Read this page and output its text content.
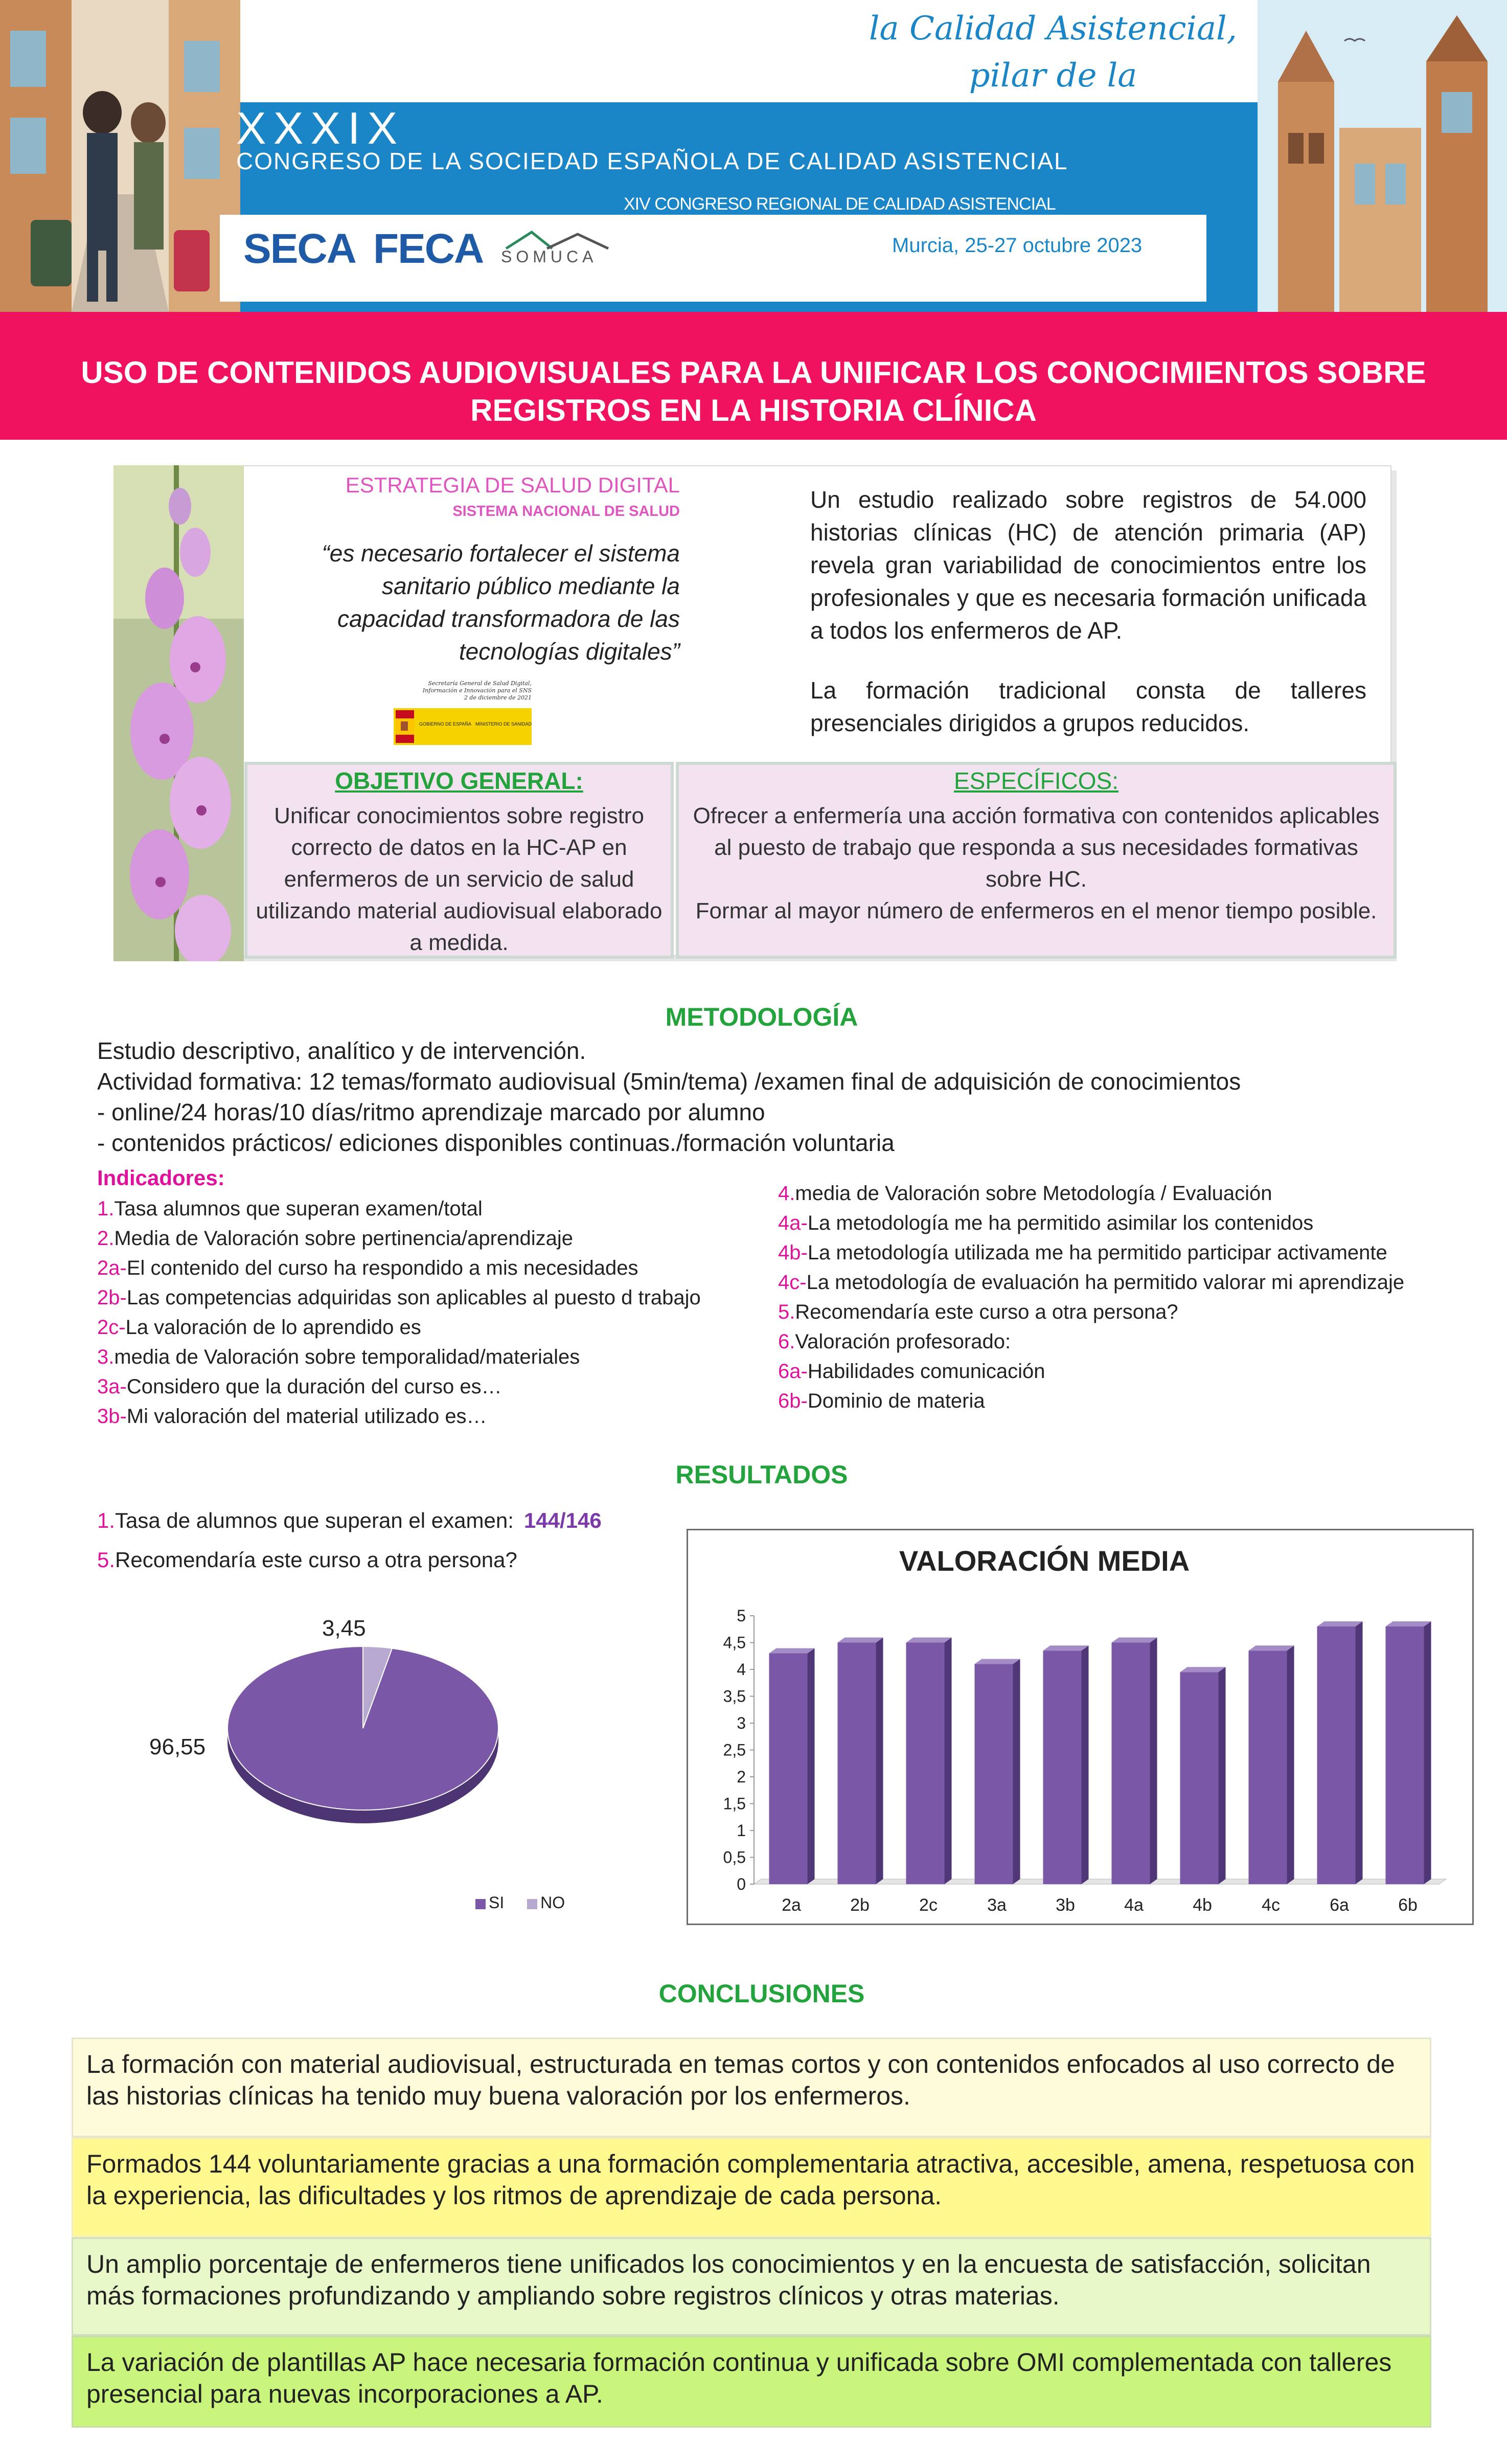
la Calidad Asistencial,
pilar de la sostenibilidad
XXXIX
CONGRESO DE LA SOCIEDAD ESPAÑOLA DE CALIDAD ASISTENCIAL
XIV CONGRESO REGIONAL DE CALIDAD ASISTENCIAL
Murcia, 25-27 octubre 2023
SECA FECA SOMUCA
USO DE CONTENIDOS AUDIOVISUALES PARA LA UNIFICAR LOS CONOCIMIENTOS SOBRE
REGISTROS EN LA HISTORIA CLÍNICA
ESTRATEGIA DE SALUD DIGITAL
SISTEMA NACIONAL DE SALUD
“es necesario fortalecer el sistema sanitario público mediante la capacidad transformadora de las tecnologías digitales”
Secretaría General de Salud Digital,
Información e Innovación para el SNS
2 de diciembre de 2021
GOBIERNO DE ESPAÑA MINISTERIO DE SANIDAD
Un estudio realizado sobre registros de 54.000 historias clínicas (HC) de atención primaria (AP) revela gran variabilidad de conocimientos entre los profesionales y que es necesaria formación unificada a todos los enfermeros de AP.
La formación tradicional consta de talleres presenciales dirigidos a grupos reducidos.
OBJETIVO GENERAL:
Unificar conocimientos sobre registro correcto de datos en la HC-AP en enfermeros de un servicio de salud utilizando material audiovisual elaborado a medida.
ESPECÍFICOS:
Ofrecer a enfermería una acción formativa con contenidos aplicables al puesto de trabajo que responda a sus necesidades formativas sobre HC.
Formar al mayor número de enfermeros en el menor tiempo posible.
METODOLOGÍA
Estudio descriptivo, analítico y de intervención.
Actividad formativa: 12 temas/formato audiovisual (5min/tema) /examen final de adquisición de conocimientos
- online/24 horas/10 días/ritmo aprendizaje marcado por alumno
- contenidos prácticos/ ediciones disponibles continuas./formación voluntaria
Indicadores:
1.Tasa alumnos que superan examen/total
2.Media de Valoración sobre pertinencia/aprendizaje
2a-El contenido del curso ha respondido a mis necesidades
2b-Las competencias adquiridas son aplicables al puesto d trabajo
2c-La valoración de lo aprendido es
3.media de Valoración sobre temporalidad/materiales
3a-Considero que la duración del curso es…
3b-Mi valoración del material utilizado es…
4.media de Valoración sobre Metodología / Evaluación
4a-La metodología me ha permitido asimilar los contenidos
4b-La metodología utilizada me ha permitido participar activamente
4c-La metodología de evaluación ha permitido valorar mi aprendizaje
5.Recomendaría este curso a otra persona?
6.Valoración profesorado:
6a-Habilidades comunicación
6b-Dominio de materia
RESULTADOS
1.Tasa de alumnos que superan el examen: 144/146
5.Recomendaría este curso a otra persona?
3,45
96,55
SI NO
VALORACIÓN MEDIA
0
0,5
1
1,5
2
2,5
3
3,5
4
4,5
5
2a	2b	2c	3a	3b	4a	4b	4c	6a	6b
CONCLUSIONES
La formación con material audiovisual, estructurada en temas cortos y con contenidos enfocados al uso correcto de las historias clínicas ha tenido muy buena valoración por los enfermeros.
Formados 144 voluntariamente gracias a una formación complementaria atractiva, accesible, amena, respetuosa con la experiencia, las dificultades y los ritmos de aprendizaje de cada persona.
Un amplio porcentaje de enfermeros tiene unificados los conocimientos y en la encuesta de satisfacción, solicitan más formaciones profundizando y ampliando sobre registros clínicos y otras materias.
La variación de plantillas AP hace necesaria formación continua y unificada sobre OMI complementada con talleres presencial para nuevas incorporaciones a AP.
